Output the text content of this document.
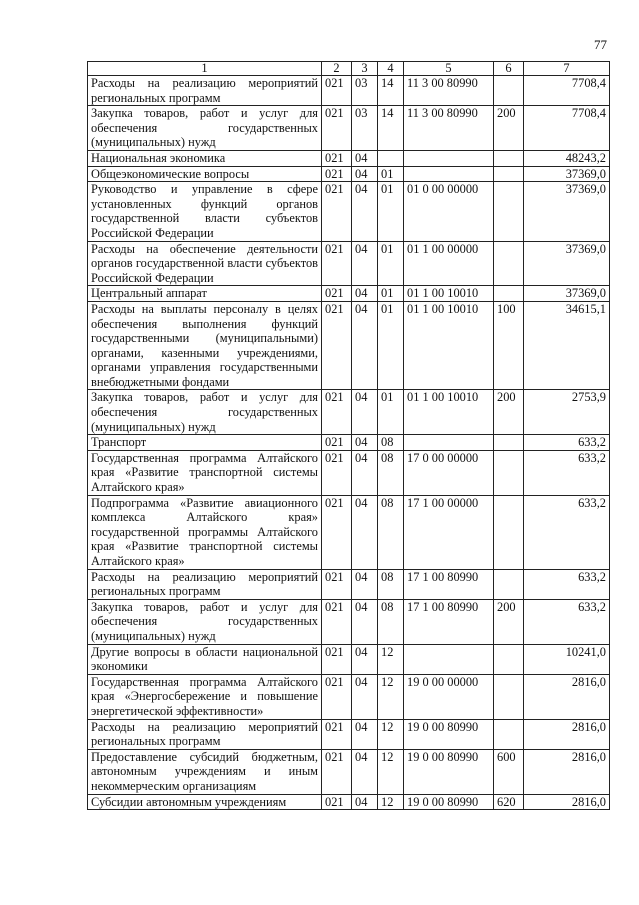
77
1	2	3	4	5	6	7
Расходы на реализацию мероприятий региональных программ	021	03	14	11 3 00 80990		7708,4
Закупка товаров, работ и услуг для обеспечения государственных (муниципальных) нужд	021	03	14	11 3 00 80990	200	7708,4
Национальная экономика	021	04				48243,2
Общеэкономические вопросы	021	04	01			37369,0
Руководство и управление в сфере установленных функций органов государственной власти субъектов Российской Федерации	021	04	01	01 0 00 00000		37369,0
Расходы на обеспечение деятельности органов государственной власти субъектов Российской Федерации	021	04	01	01 1 00 00000		37369,0
Центральный аппарат	021	04	01	01 1 00 10010		37369,0
Расходы на выплаты персоналу в целях обеспечения выполнения функций государственными (муниципальными) органами, казенными учреждениями, органами управления государственными внебюджетными фондами	021	04	01	01 1 00 10010	100	34615,1
Закупка товаров, работ и услуг для обеспечения государственных (муниципальных) нужд	021	04	01	01 1 00 10010	200	2753,9
Транспорт	021	04	08			633,2
Государственная программа Алтайского края «Развитие транспортной системы Алтайского края»	021	04	08	17 0 00 00000		633,2
Подпрограмма «Развитие авиационного комплекса Алтайского края» государственной программы Алтайского края «Развитие транспортной системы Алтайского края»	021	04	08	17 1 00 00000		633,2
Расходы на реализацию мероприятий региональных программ	021	04	08	17 1 00 80990		633,2
Закупка товаров, работ и услуг для обеспечения государственных (муниципальных) нужд	021	04	08	17 1 00 80990	200	633,2
Другие вопросы в области национальной экономики	021	04	12			10241,0
Государственная программа Алтайского края «Энергосбережение и повышение энергетической эффективности»	021	04	12	19 0 00 00000		2816,0
Расходы на реализацию мероприятий региональных программ	021	04	12	19 0 00 80990		2816,0
Предоставление субсидий бюджетным, автономным учреждениям и иным некоммерческим организациям	021	04	12	19 0 00 80990	600	2816,0
Субсидии автономным учреждениям	021	04	12	19 0 00 80990	620	2816,0
